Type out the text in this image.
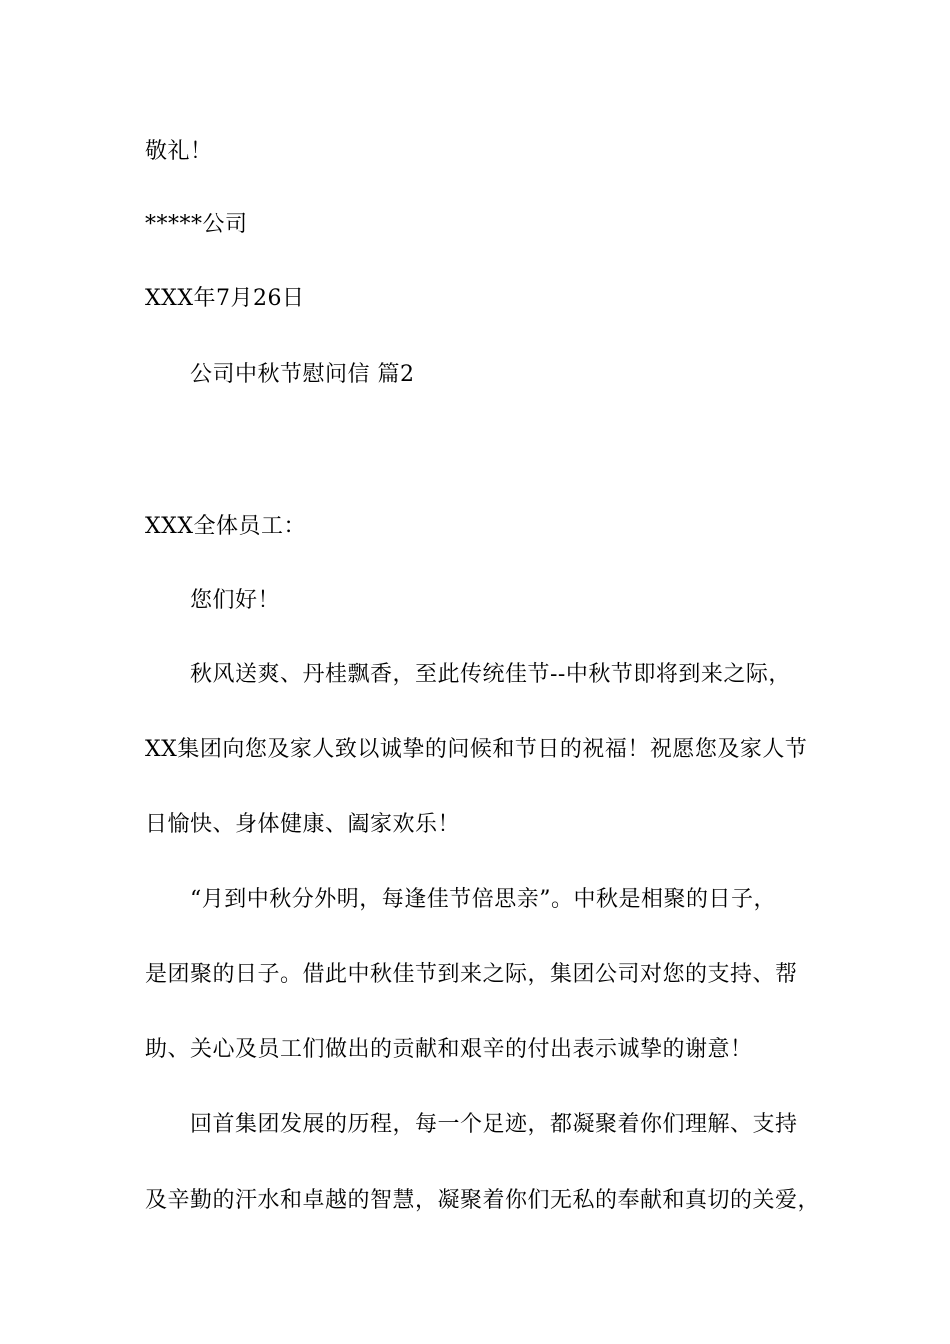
敬礼！
*****公司
XXX年7月26日
公司中秋节慰问信 篇2
XXX全体员工：
您们好！
秋风送爽、丹桂飘香，至此传统佳节--中秋节即将到来之际，
XX集团向您及家人致以诚挚的问候和节日的祝福！祝愿您及家人节
日愉快、身体健康、阖家欢乐！
“月到中秋分外明，每逢佳节倍思亲”。中秋是相聚的日子，
是团聚的日子。借此中秋佳节到来之际，集团公司对您的支持、帮
助、关心及员工们做出的贡献和艰辛的付出表示诚挚的谢意！
回首集团发展的历程，每一个足迹，都凝聚着你们理解、支持
及辛勤的汗水和卓越的智慧，凝聚着你们无私的奉献和真切的关爱，
